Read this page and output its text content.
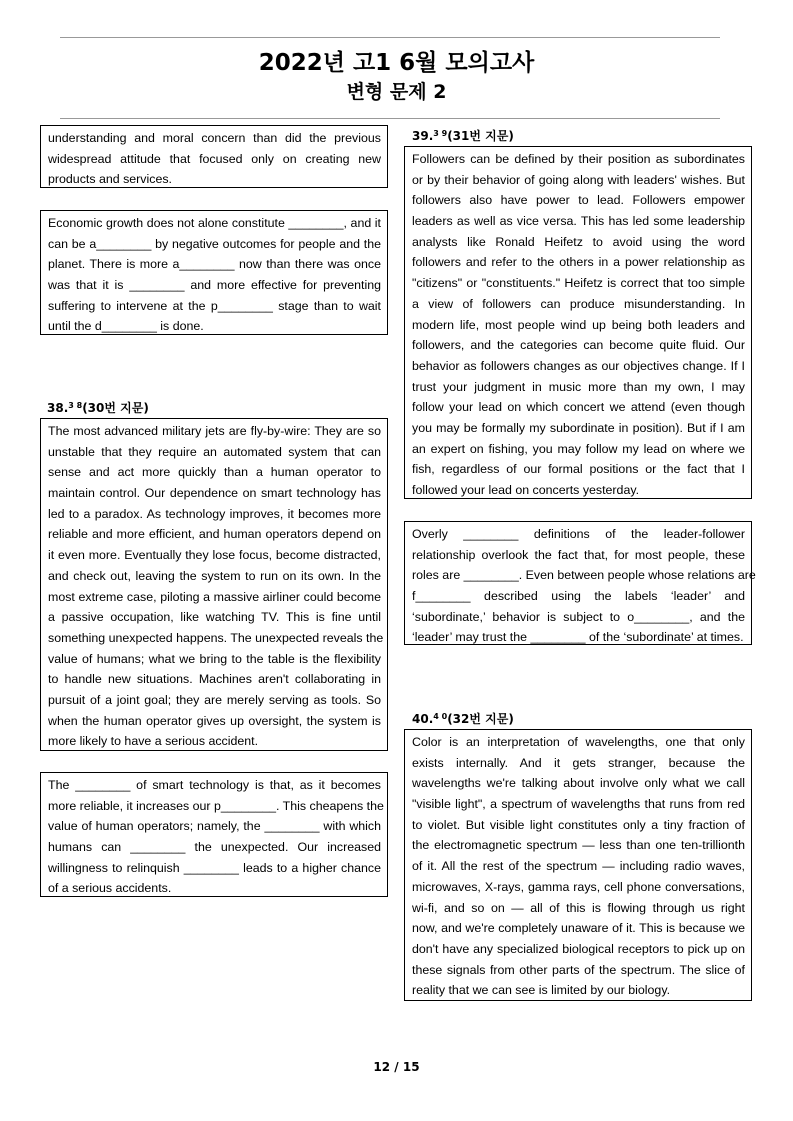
2022년 고1 6월 모의고사
변형 문제 2
understanding and moral concern than did the previous
widespread attitude that focused only on creating new
products and services.
Economic growth does not alone constitute ________, and it
can be a________ by negative outcomes for people and the
planet. There is more a________ now than there was once
was that it is ________ and more effective for preventing
suffering to intervene at the p________ stage than to wait
until the d________ is done.
38.$^{3 8}$(30번 지문)
The most advanced military jets are fly-by-wire: They are so
unstable that they require an automated system that can
sense and act more quickly than a human operator to
maintain control. Our dependence on smart technology has
led to a paradox. As technology improves, it becomes more
reliable and more efficient, and human operators depend on
it even more. Eventually they lose focus, become distracted,
and check out, leaving the system to run on its own. In the
most extreme case, piloting a massive airliner could become
a passive occupation, like watching TV. This is fine until
something unexpected happens. The unexpected reveals the
value of humans; what we bring to the table is the flexibility
to handle new situations. Machines aren't collaborating in
pursuit of a joint goal; they are merely serving as tools. So
when the human operator gives up oversight, the system is
more likely to have a serious accident.
The ________ of smart technology is that, as it becomes
more reliable, it increases our p________. This cheapens the
value of human operators; namely, the ________ with which
humans can ________ the unexpected. Our increased
willingness to relinquish ________ leads to a higher chance
of a serious accidents.
39.$^{3 9}$(31번 지문)
Followers can be defined by their position as subordinates
or by their behavior of going along with leaders' wishes. But
followers also have power to lead. Followers empower
leaders as well as vice versa. This has led some leadership
analysts like Ronald Heifetz to avoid using the word
followers and refer to the others in a power relationship as
"citizens" or "constituents." Heifetz is correct that too simple
a view of followers can produce misunderstanding. In
modern life, most people wind up being both leaders and
followers, and the categories can become quite fluid. Our
behavior as followers changes as our objectives change. If I
trust your judgment in music more than my own, I may
follow your lead on which concert we attend (even though
you may be formally my subordinate in position). But if I am
an expert on fishing, you may follow my lead on where we
fish, regardless of our formal positions or the fact that I
followed your lead on concerts yesterday.
Overly ________ definitions of the leader-follower
relationship overlook the fact that, for most people, these
roles are ________. Even between people whose relations are
f________ described using the labels ‘leader’ and
‘subordinate,’ behavior is subject to o________, and the
‘leader’ may trust the ________ of the ‘subordinate’ at times.
40.$^{4 0}$(32번 지문)
Color is an interpretation of wavelengths, one that only
exists internally. And it gets stranger, because the
wavelengths we're talking about involve only what we call
"visible light", a spectrum of wavelengths that runs from red
to violet. But visible light constitutes only a tiny fraction of
the electromagnetic spectrum — less than one ten-trillionth
of it. All the rest of the spectrum — including radio waves,
microwaves, X-rays, gamma rays, cell phone conversations,
wi-fi, and so on — all of this is flowing through us right
now, and we're completely unaware of it. This is because we
don't have any specialized biological receptors to pick up on
these signals from other parts of the spectrum. The slice of
reality that we can see is limited by our biology.
12 / 15
